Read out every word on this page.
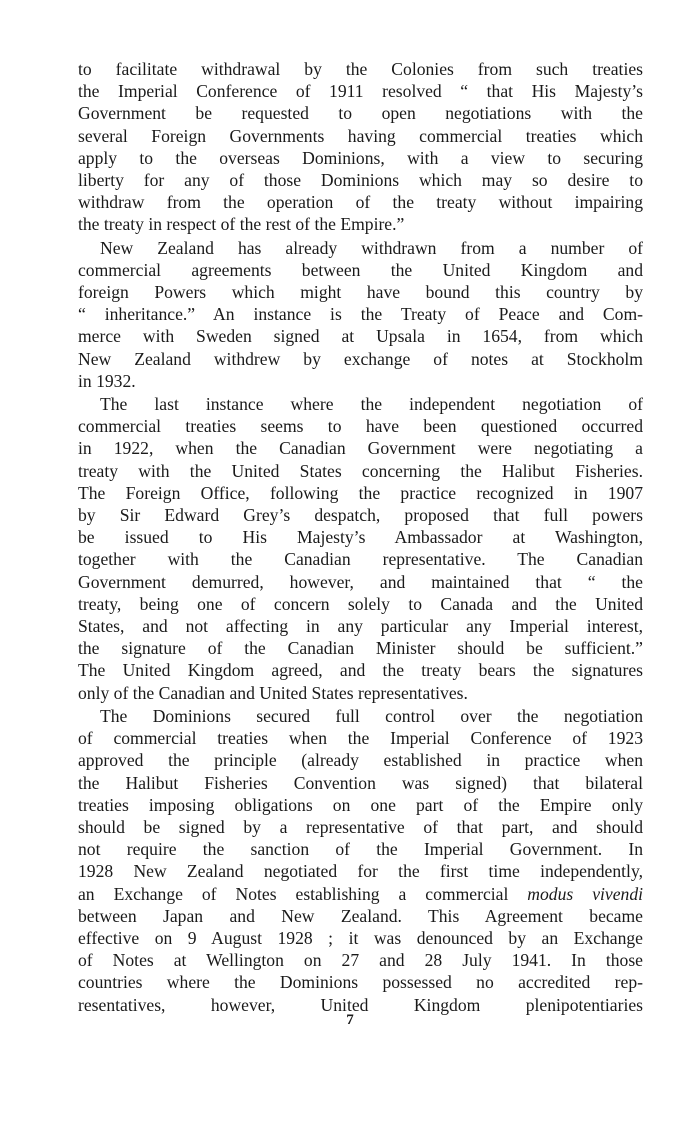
to facilitate withdrawal by the Colonies from such treaties
the Imperial Conference of 1911 resolved “ that His Majesty’s
Government be requested to open negotiations with the
several Foreign Governments having commercial treaties which
apply to the overseas Dominions, with a view to securing
liberty for any of those Dominions which may so desire to
withdraw from the operation of the treaty without impairing
the treaty in respect of the rest of the Empire.”
New Zealand has already withdrawn from a number of
commercial agreements between the United Kingdom and
foreign Powers which might have bound this country by
“ inheritance.” An instance is the Treaty of Peace and Com-
merce with Sweden signed at Upsala in 1654, from which
New Zealand withdrew by exchange of notes at Stockholm
in 1932.
The last instance where the independent negotiation of
commercial treaties seems to have been questioned occurred
in 1922, when the Canadian Government were negotiating a
treaty with the United States concerning the Halibut Fisheries.
The Foreign Office, following the practice recognized in 1907
by Sir Edward Grey’s despatch, proposed that full powers
be issued to His Majesty’s Ambassador at Washington,
together with the Canadian representative. The Canadian
Government demurred, however, and maintained that “ the
treaty, being one of concern solely to Canada and the United
States, and not affecting in any particular any Imperial interest,
the signature of the Canadian Minister should be sufficient.”
The United Kingdom agreed, and the treaty bears the signatures
only of the Canadian and United States representatives.
The Dominions secured full control over the negotiation
of commercial treaties when the Imperial Conference of 1923
approved the principle (already established in practice when
the Halibut Fisheries Convention was signed) that bilateral
treaties imposing obligations on one part of the Empire only
should be signed by a representative of that part, and should
not require the sanction of the Imperial Government. In
1928 New Zealand negotiated for the first time independently,
an Exchange of Notes establishing a commercial modus vivendi
between Japan and New Zealand. This Agreement became
effective on 9 August 1928 ; it was denounced by an Exchange
of Notes at Wellington on 27 and 28 July 1941. In those
countries where the Dominions possessed no accredited rep-
resentatives, however, United Kingdom plenipotentiaries
7
